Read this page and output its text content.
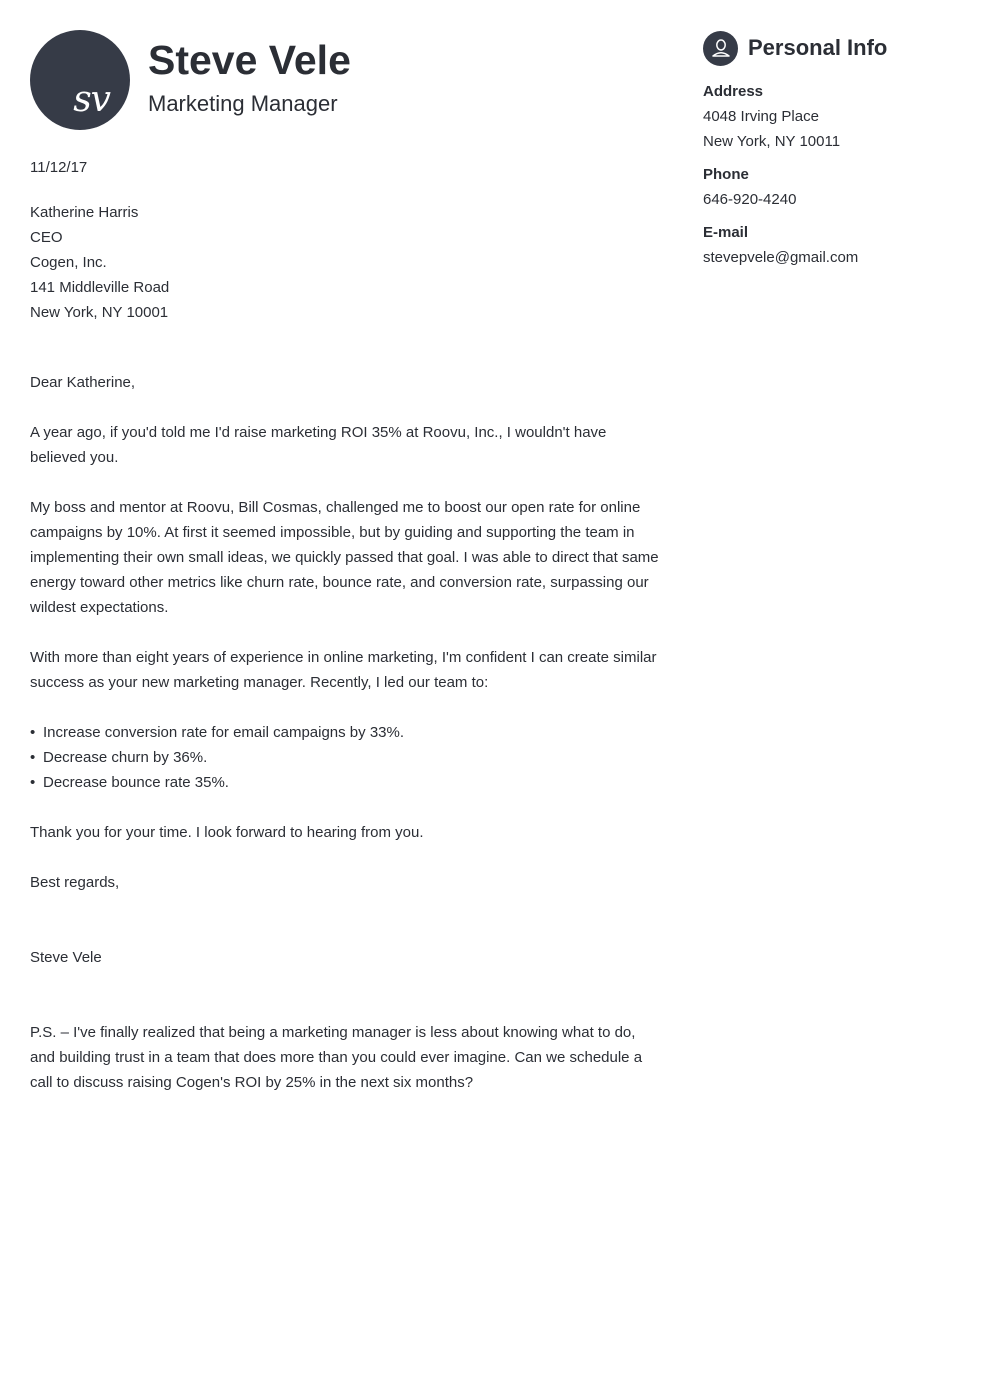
sv
Steve Vele
Marketing Manager

11/12/17

Katherine Harris

CEO

Cogen, Inc.

141 Middleville Road

New York, NY 10001

Dear Katherine,

A year ago, if you'd told me I'd raise marketing ROI 35% at Roovu, Inc., I wouldn't have believed you.

My boss and mentor at Roovu, Bill Cosmas, challenged me to boost our open rate for online campaigns by 10%. At first it seemed impossible, but by guiding and supporting the team in implementing their own small ideas, we quickly passed that goal. I was able to direct that same energy toward other metrics like churn rate, bounce rate, and conversion rate, surpassing our wildest expectations.

With more than eight years of experience in online marketing, I'm confident I can create similar success as your new marketing manager. Recently, I led our team to:

• Increase conversion rate for email campaigns by 33%.
• Decrease churn by 36%.
• Decrease bounce rate 35%.

Thank you for your time. I look forward to hearing from you.

Best regards,

Steve Vele

P.S. – I've finally realized that being a marketing manager is less about knowing what to do, and building trust in a team that does more than you could ever imagine. Can we schedule a call to discuss raising Cogen's ROI by 25% in the next six months?

Personal Info
Address
4048 Irving Place
New York, NY 10011
Phone
646-920-4240
E-mail
stevepvele@gmail.com
